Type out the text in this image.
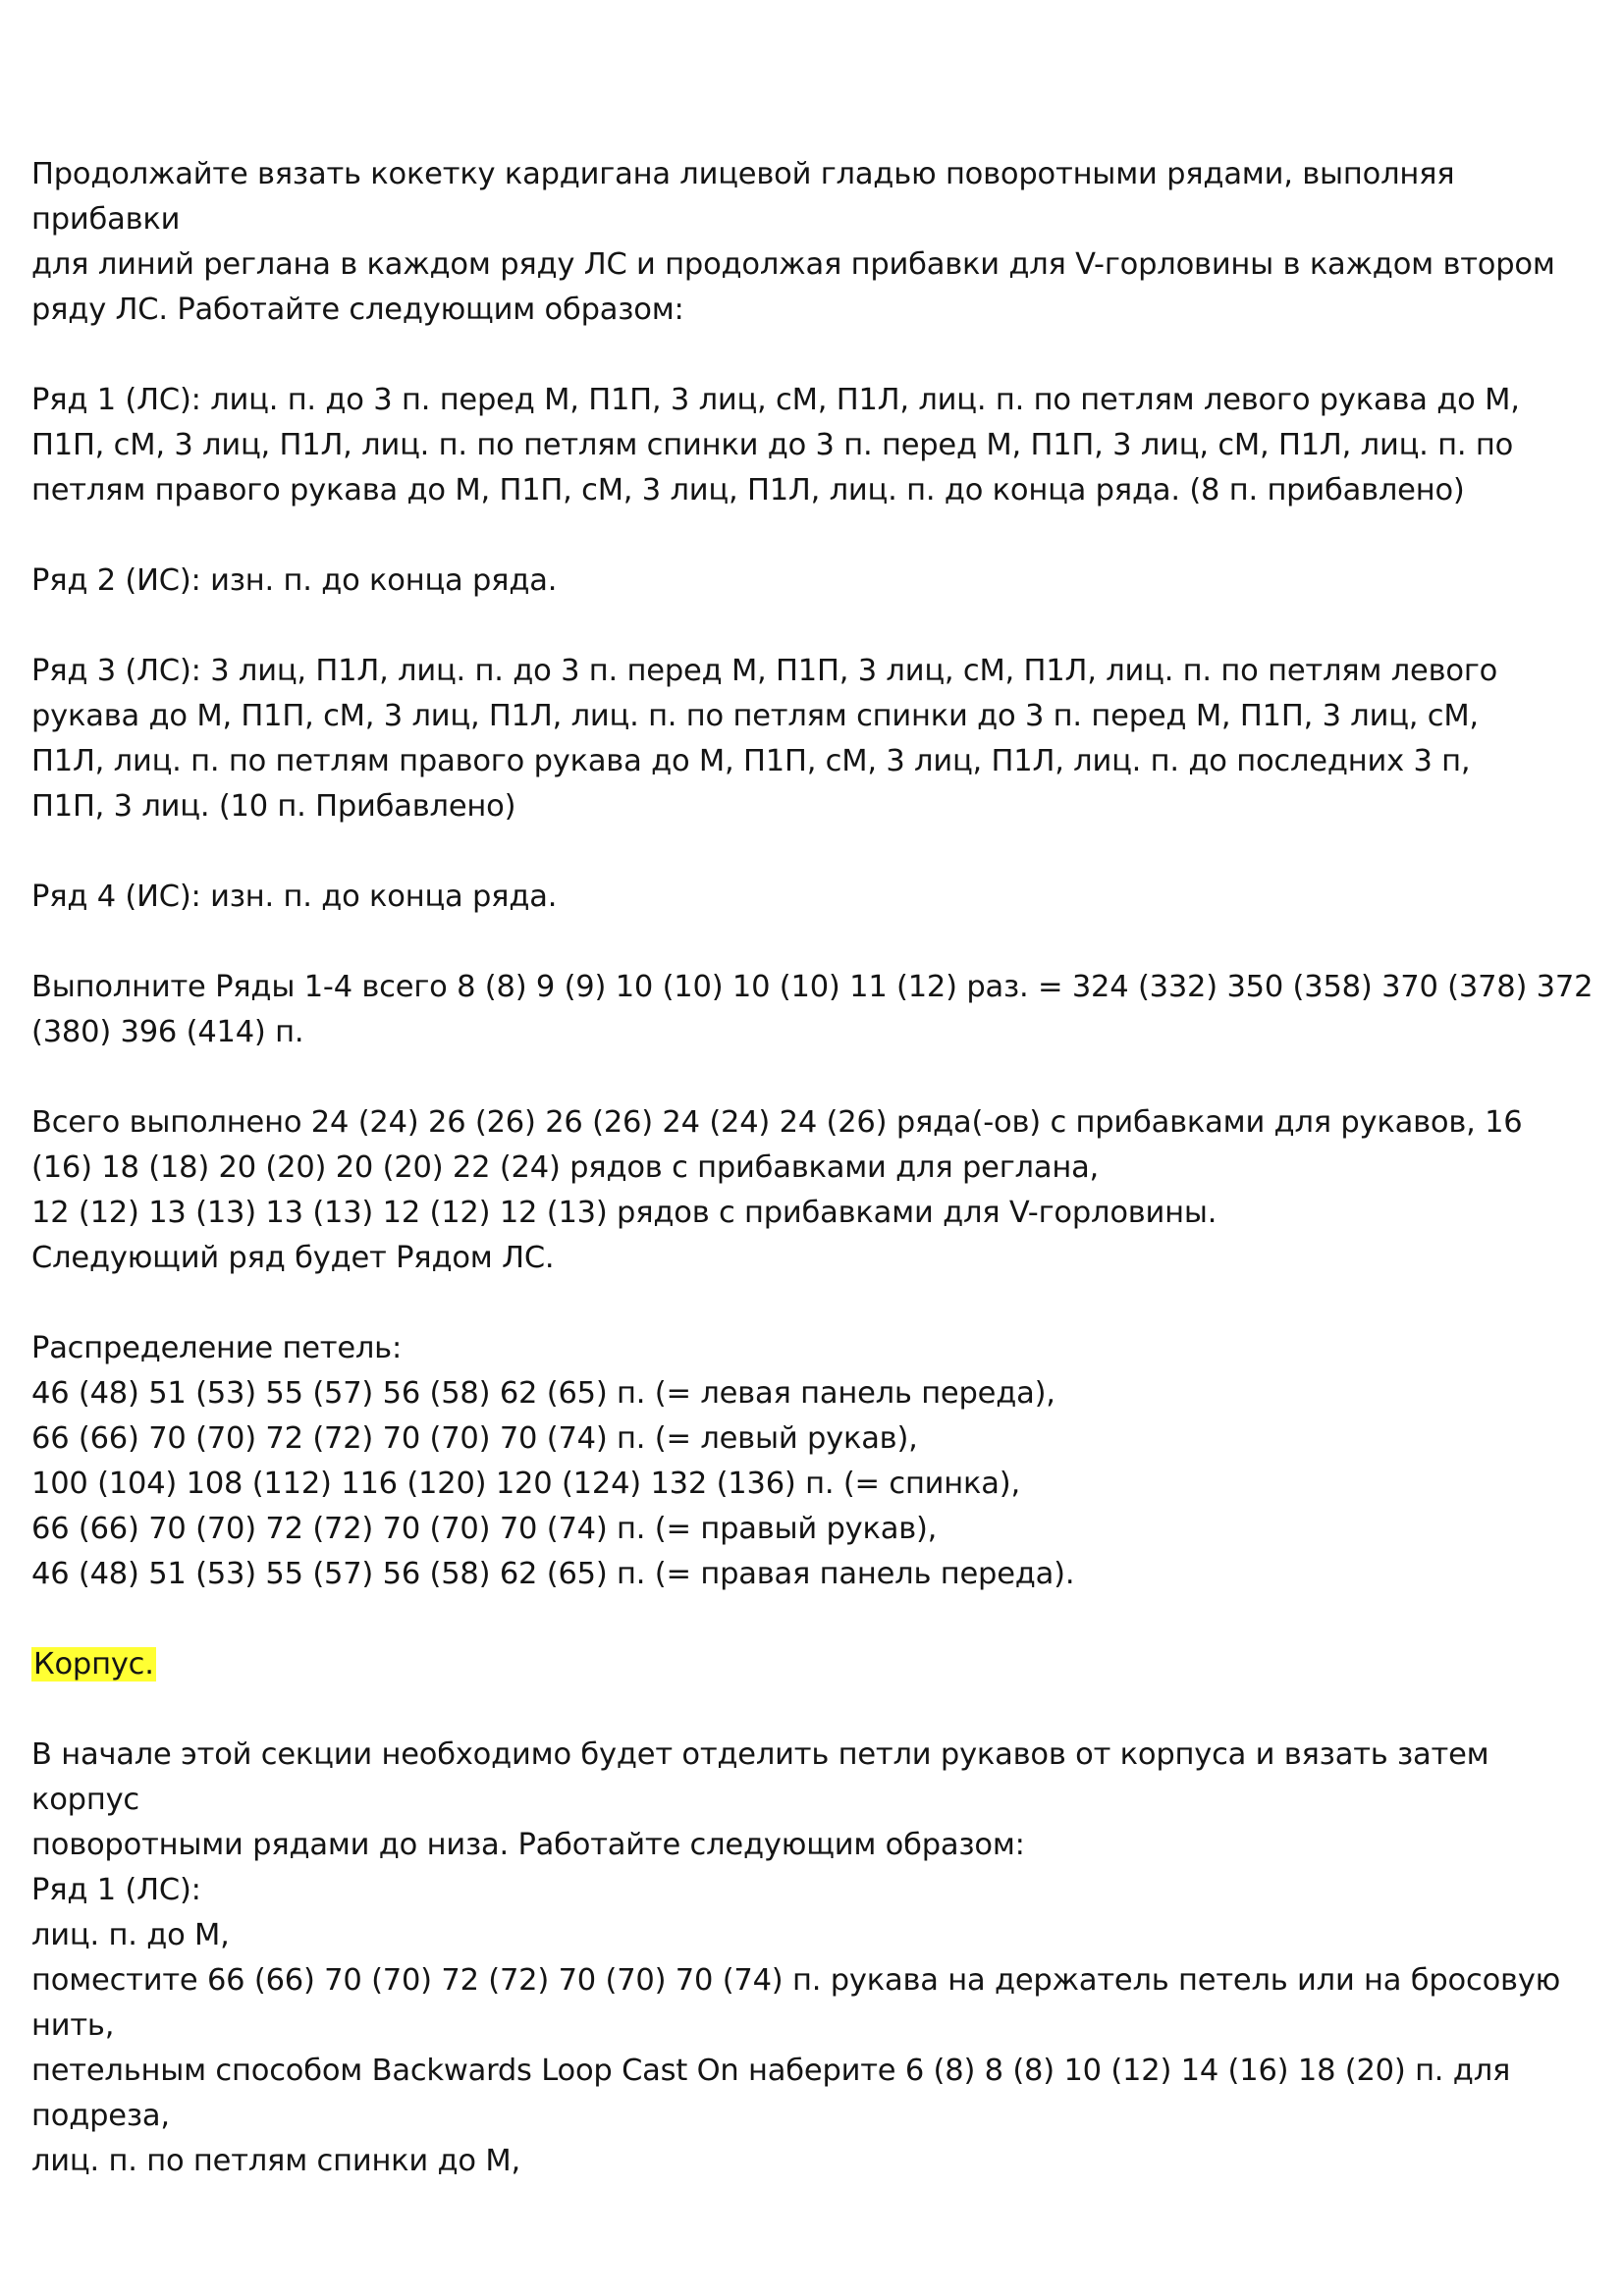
Продолжайте вязать кокетку кардигана лицевой гладью поворотными рядами, выполняя прибавки
для линий реглана в каждом ряду ЛС и продолжая прибавки для V-горловины в каждом втором
ряду ЛС. Работайте следующим образом:

Ряд 1 (ЛС): лиц. п. до 3 п. перед М, П1П, 3 лиц, сМ, П1Л, лиц. п. по петлям левого рукава до М,
П1П, сМ, 3 лиц, П1Л, лиц. п. по петлям спинки до 3 п. перед М, П1П, 3 лиц, сМ, П1Л, лиц. п. по
петлям правого рукава до М, П1П, сМ, 3 лиц, П1Л, лиц. п. до конца ряда. (8 п. прибавлено)

Ряд 2 (ИС): изн. п. до конца ряда.

Ряд 3 (ЛС): 3 лиц, П1Л, лиц. п. до 3 п. перед М, П1П, 3 лиц, сМ, П1Л, лиц. п. по петлям левого
рукава до М, П1П, сМ, 3 лиц, П1Л, лиц. п. по петлям спинки до 3 п. перед М, П1П, 3 лиц, сМ,
П1Л, лиц. п. по петлям правого рукава до М, П1П, сМ, 3 лиц, П1Л, лиц. п. до последних 3 п,
П1П, 3 лиц. (10 п. Прибавлено)

Ряд 4 (ИС): изн. п. до конца ряда.

Выполните Ряды 1-4 всего 8 (8) 9 (9) 10 (10) 10 (10) 11 (12) раз. = 324 (332) 350 (358) 370 (378) 372
(380) 396 (414) п.

Всего выполнено 24 (24) 26 (26) 26 (26) 24 (24) 24 (26) ряда(-ов) с прибавками для рукавов, 16
(16) 18 (18) 20 (20) 20 (20) 22 (24) рядов с прибавками для реглана,
12 (12) 13 (13) 13 (13) 12 (12) 12 (13) рядов с прибавками для V-горловины.
Следующий ряд будет Рядом ЛС.

Распределение петель:
46 (48) 51 (53) 55 (57) 56 (58) 62 (65) п. (= левая панель переда),
66 (66) 70 (70) 72 (72) 70 (70) 70 (74) п. (= левый рукав),
100 (104) 108 (112) 116 (120) 120 (124) 132 (136) п. (= спинка),
66 (66) 70 (70) 72 (72) 70 (70) 70 (74) п. (= правый рукав),
46 (48) 51 (53) 55 (57) 56 (58) 62 (65) п. (= правая панель переда).

Корпус.

В начале этой секции необходимо будет отделить петли рукавов от корпуса и вязать затем корпус
поворотными рядами до низа. Работайте следующим образом:

Ряд 1 (ЛС):
лиц. п. до М,
поместите 66 (66) 70 (70) 72 (72) 70 (70) 70 (74) п. рукава на держатель петель или на бросовую
нить,
петельным способом Backwards Loop Cast On наберите 6 (8) 8 (8) 10 (12) 14 (16) 18 (20) п. для
подреза,
лиц. п. по петлям спинки до М,
